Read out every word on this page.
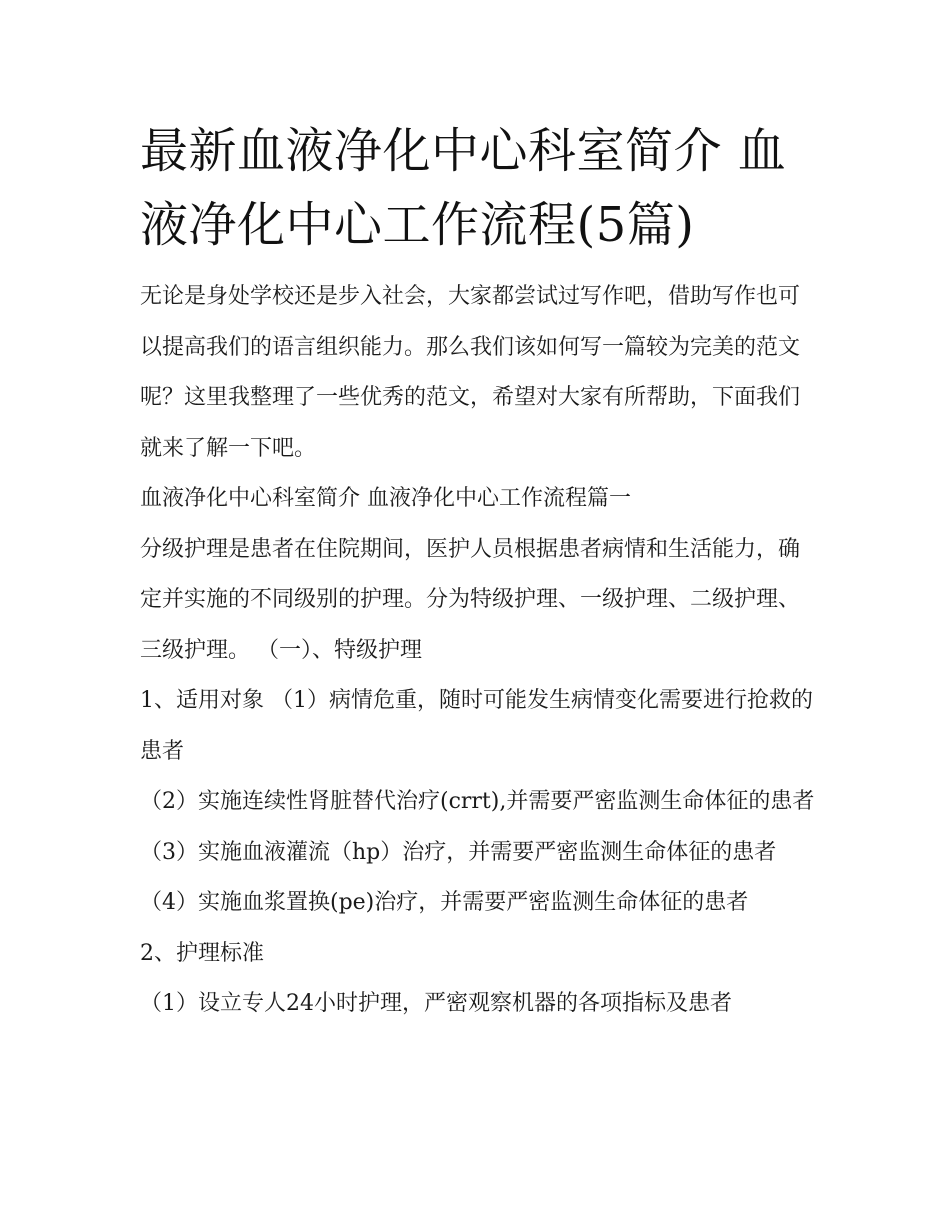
最新血液净化中心科室简介 血液净化中心工作流程(5篇)

无论是身处学校还是步入社会，大家都尝试过写作吧，借助写作也可以提高我们的语言组织能力。那么我们该如何写一篇较为完美的范文呢？这里我整理了一些优秀的范文，希望对大家有所帮助，下面我们就来了解一下吧。

血液净化中心科室简介 血液净化中心工作流程篇一

分级护理是患者在住院期间，医护人员根据患者病情和生活能力，确定并实施的不同级别的护理。分为特级护理、一级护理、二级护理、三级护理。 （一）、特级护理

1、适用对象 （1）病情危重，随时可能发生病情变化需要进行抢救的患者

（2）实施连续性肾脏替代治疗(crrt),并需要严密监测生命体征的患者（3）实施血液灌流（hp）治疗，并需要严密监测生命体征的患者（4）实施血浆置换(pe)治疗，并需要严密监测生命体征的患者

2、护理标准

（1）设立专人24小时护理，严密观察机器的各项指标及患者
